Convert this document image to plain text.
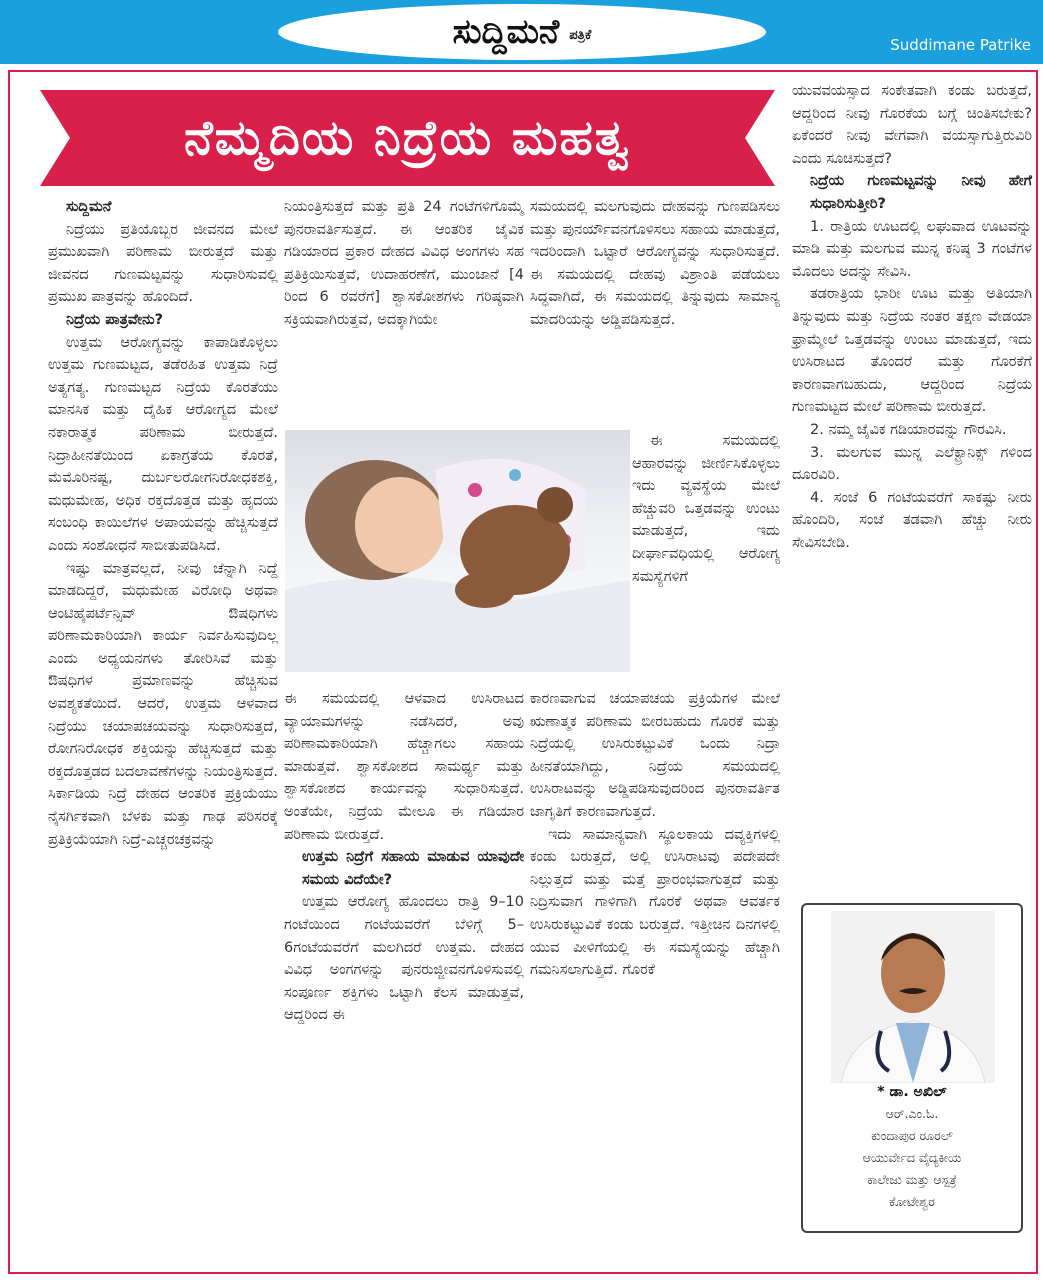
ಸುದ್ದಿಮನೆ ಪತ್ರಿಕೆ
Suddimane Patrike
ನೆಮ್ಮದಿಯ ನಿದ್ರೆಯ ಮಹತ್ವ
ಸುದ್ದಿಮನೆ

ನಿದ್ರೆಯು ಪ್ರತಿಯೊಬ್ಬರ ಜೀವನದ ಮೇಲೆ ಪ್ರಮುಖವಾಗಿ ಪರಿಣಾಮ ಬೀರುತ್ತದೆ ಮತ್ತು ಜೀವನದ ಗುಣಮಟ್ಟವನ್ನು ಸುಧಾರಿಸುವಲ್ಲಿ ಪ್ರಮುಖ ಪಾತ್ರವನ್ನು ಹೊಂದಿದೆ.

ನಿದ್ರೆಯ ಪಾತ್ರವೇನು?

ಉತ್ತಮ ಆರೋಗ್ಯವನ್ನು ಕಾಪಾಡಿಕೊಳ್ಳಲು ಉತ್ತಮ ಗುಣಮಟ್ಟದ, ತಡೆರಹಿತ ಉತ್ತಮ ನಿದ್ರೆ ಅತ್ಯಗತ್ಯ. ಗುಣಮಟ್ಟದ ನಿದ್ರೆಯ ಕೊರತೆಯು ಮಾನಸಿಕ ಮತ್ತು ದೈಹಿಕ ಆರೋಗ್ಯದ ಮೇಲೆ ನಕಾರಾತ್ಮಕ ಪರಿಣಾಮ ಬೀರುತ್ತದೆ. ನಿದ್ರಾಹೀನತೆಯಿಂದ ಏಕಾಗ್ರತೆಯ ಕೊರತೆ, ಮೆಮೊರಿನಷ್ಟ, ದುರ್ಬಲರೋಗನಿರೋಧಕಶಕ್ತಿ, ಮಧುಮೇಹ, ಅಧಿಕ ರಕ್ತದೊತ್ತಡ ಮತ್ತು ಹೃದಯ ಸಂಬಂಧಿ ಕಾಯಿಲೆಗಳ ಅಪಾಯವನ್ನು ಹೆಚ್ಚಿಸುತ್ತದೆ ಎಂದು ಸಂಶೋಧನೆ ಸಾಬೀತುಪಡಿಸಿದೆ.

ಇಷ್ಟು ಮಾತ್ರವಲ್ಲದೆ, ನೀವು ಚೆನ್ನಾಗಿ ನಿದ್ದೆ ಮಾಡದಿದ್ದರೆ, ಮಧುಮೇಹ ವಿರೋಧಿ ಅಥವಾ ಆಂಟಿಹೈಪರ್ಟೆನ್ಸಿವ್ ಔಷಧಿಗಳು ಪರಿಣಾಮಕಾರಿಯಾಗಿ ಕಾರ್ಯ ನಿರ್ವಹಿಸುವುದಿಲ್ಲ ಎಂದು ಅಧ್ಯಯನಗಳು ತೋರಿಸಿವೆ ಮತ್ತು ಔಷಧಿಗಳ ಪ್ರಮಾಣವನ್ನು ಹೆಚ್ಚಿಸುವ ಅವಶ್ಯಕತೆಯಿದೆ. ಆದರೆ, ಉತ್ತಮ ಆಳವಾದ ನಿದ್ರೆಯು ಚಯಾಪಚಯವನ್ನು ಸುಧಾರಿಸುತ್ತದೆ, ರೋಗನಿರೋಧಕ ಶಕ್ತಿಯನ್ನು ಹೆಚ್ಚಿಸುತ್ತದೆ ಮತ್ತು ರಕ್ತದೊತ್ತಡದ ಬದಲಾವಣೆಗಳನ್ನು ನಿಯಂತ್ರಿಸುತ್ತದೆ. ಸಿರ್ಕಾಡಿಯ ನಿದ್ರೆ ದೇಹದ ಆಂತರಿಕ ಪ್ರಕ್ರಿಯೆಯು ನೈಸರ್ಗಿಕವಾಗಿ ಬೆಳಕು ಮತ್ತು ಗಾಢ ಪರಿಸರಕ್ಕೆ ಪ್ರತಿಕ್ರಿಯೆಯಾಗಿ ನಿದ್ರೆ-ಎಚ್ಚರಚಕ್ರವನ್ನು

ನಿಯಂತ್ರಿಸುತ್ತದೆ ಮತ್ತು ಪ್ರತಿ 24 ಗಂಟೆಗಳಿಗೊಮ್ಮೆ ಪುನರಾವರ್ತಿಸುತ್ತದೆ. ಈ ಆಂತರಿಕ ಜೈವಿಕ ಗಡಿಯಾರದ ಪ್ರಕಾರ ದೇಹದ ವಿವಿಧ ಅಂಗಗಳು ಸಹ ಪ್ರತಿಕ್ರಿಯಿಸುತ್ತವೆ, ಉದಾಹರಣೆಗೆ, ಮುಂಜಾನೆ [4 ರಿಂದ 6 ರವರೆಗೆ] ಶ್ವಾಸಕೋಶಗಳು ಗರಿಷ್ಠವಾಗಿ ಸಕ್ರಿಯವಾಗಿರುತ್ತವೆ, ಅದಕ್ಕಾಗಿಯೇ

ಸಮಯದಲ್ಲಿ ಮಲಗುವುದು ದೇಹವನ್ನು ಗುಣಪಡಿಸಲು ಮತ್ತು ಪುನರ್ಯೌವನಗೊಳಿಸಲು ಸಹಾಯ ಮಾಡುತ್ತದೆ, ಇದರಿಂದಾಗಿ ಒಟ್ಟಾರೆ ಆರೋಗ್ಯವನ್ನು ಸುಧಾರಿಸುತ್ತದೆ. ಈ ಸಮಯದಲ್ಲಿ ದೇಹವು ವಿಶ್ರಾಂತಿ ಪಡೆಯಲು ಸಿದ್ಧವಾಗಿದೆ, ಈ ಸಮಯದಲ್ಲಿ ತಿನ್ನುವುದು ಸಾಮಾನ್ಯ ಮಾದರಿಯನ್ನು ಅಡ್ಡಿಪಡಿಸುತ್ತದೆ.

ಈ ಸಮಯದಲ್ಲಿ ಆಹಾರವನ್ನು ಜೀರ್ಣಿಸಿಕೊಳ್ಳಲು ಇದು ವ್ಯವಸ್ಥೆಯ ಮೇಲೆ ಹೆಚ್ಚುವರಿ ಒತ್ತಡವನ್ನು ಉಂಟು ಮಾಡುತ್ತದೆ, ಇದು ದೀರ್ಘಾವಧಿಯಲ್ಲಿ ಆರೋಗ್ಯ ಸಮಸ್ಯೆಗಳಿಗೆ

ಈ ಸಮಯದಲ್ಲಿ ಆಳವಾದ ಉಸಿರಾಟದ ವ್ಯಾಯಾಮಗಳನ್ನು ನಡೆಸಿದರೆ, ಅವು ಪರಿಣಾಮಕಾರಿಯಾಗಿ ಹೆಚ್ಚಾಗಲು ಸಹಾಯ ಮಾಡುತ್ತವೆ. ಶ್ವಾಸಕೋಶದ ಸಾಮರ್ಥ್ಯ ಮತ್ತು ಶ್ವಾಸಕೋಶದ ಕಾರ್ಯವನ್ನು ಸುಧಾರಿಸುತ್ತದೆ. ಅಂತೆಯೇ, ನಿದ್ರೆಯ ಮೇಲೂ ಈ ಗಡಿಯಾರ ಪರಿಣಾಮ ಬೀರುತ್ತದೆ.

ಉತ್ತಮ ನಿದ್ರೆಗೆ ಸಹಾಯ ಮಾಡುವ ಯಾವುದೇ ಸಮಯ ವಿದೆಯೇ?

ಉತ್ತಮ ಆರೋಗ್ಯ ಹೊಂದಲು ರಾತ್ರಿ 9–10 ಗಂಟೆಯಿಂದ ಗಂಟೆಯವರೆಗೆ ಬೆಳಿಗ್ಗೆ 5–6ಗಂಟೆಯವರೆಗೆ ಮಲಗಿದರೆ ಉತ್ತಮ. ದೇಹದ ವಿವಿಧ ಅಂಗಗಳನ್ನು ಪುನರುಜ್ಜೀವನಗೊಳಿಸುವಲ್ಲಿ ಸಂಪೂರ್ಣ ಶಕ್ತಿಗಳು ಒಟ್ಟಾಗಿ ಕೆಲಸ ಮಾಡುತ್ತವೆ, ಆದ್ದರಿಂದ ಈ

ಕಾರಣವಾಗುವ ಚಯಾಪಚಯ ಪ್ರಕ್ರಿಯೆಗಳ ಮೇಲೆ ಋಣಾತ್ಮಕ ಪರಿಣಾಮ ಬೀರಬಹುದು ಗೊರಕೆ ಮತ್ತು ನಿದ್ರೆಯಲ್ಲಿ ಉಸಿರುಕಟ್ಟುವಿಕೆ ಒಂದು ನಿದ್ರಾ ಹೀನತೆಯಾಗಿದ್ದು, ನಿದ್ರೆಯ ಸಮಯದಲ್ಲಿ ಉಸಿರಾಟವನ್ನು ಅಡ್ಡಿಪಡಿಸುವುದರಿಂದ ಪುನರಾವರ್ತಿತ ಜಾಗೃತಿಗೆ ಕಾರಣವಾಗುತ್ತದೆ.

ಇದು ಸಾಮಾನ್ಯವಾಗಿ ಸ್ಥೂಲಕಾಯ ದವ್ಯಕ್ತಿಗಳಲ್ಲಿ ಕಂಡು ಬರುತ್ತದೆ, ಅಲ್ಲಿ ಉಸಿರಾಟವು ಪದೇಪದೇ ನಿಲ್ಲುತ್ತದೆ ಮತ್ತು ಮತ್ತೆ ಪ್ರಾರಂಭವಾಗುತ್ತದೆ ಮತ್ತು ನಿದ್ರಿಸುವಾಗ ಗಾಳಿಗಾಗಿ ಗೊರಕೆ ಅಥವಾ ಆವರ್ತಕ ಉಸಿರುಕಟ್ಟುವಿಕೆ ಕಂಡು ಬರುತ್ತದೆ. ಇತ್ತೀಚಿನ ದಿನಗಳಲ್ಲಿ ಯುವ ಪೀಳಿಗೆಯಲ್ಲಿ ಈ ಸಮಸ್ಯೆಯನ್ನು ಹೆಚ್ಚಾಗಿ ಗಮನಿಸಲಾಗುತ್ತಿದೆ. ಗೊರಕೆ

ಯುವವಯಸ್ಸಾದ ಸಂಕೇತವಾಗಿ ಕಂಡು ಬರುತ್ತದೆ, ಆದ್ದರಿಂದ ನೀವು ಗೊರಕೆಯ ಬಗ್ಗೆ ಚಿಂತಿಸಬೇಕು? ಏಕೆಂದರೆ ನೀವು ವೇಗವಾಗಿ ವಯಸ್ಸಾಗುತ್ತಿರುವಿರಿ ಎಂದು ಸೂಚಿಸುತ್ತದೆ?

ನಿದ್ರೆಯ ಗುಣಮಟ್ಟವನ್ನು ನೀವು ಹೇಗೆ ಸುಧಾರಿಸುತ್ತೀರಿ?

1. ರಾತ್ರಿಯ ಊಟದಲ್ಲಿ ಲಘುವಾದ ಊಟವನ್ನು ಮಾಡಿ ಮತ್ತು ಮಲಗುವ ಮುನ್ನ ಕನಿಷ್ಠ 3 ಗಂಟೆಗಳ ಮೊದಲು ಅದನ್ನು ಸೇವಿಸಿ.

ತಡರಾತ್ರಿಯ ಭಾರೀ ಊಟ ಮತ್ತು ಅತಿಯಾಗಿ ತಿನ್ನುವುದು ಮತ್ತು ನಿದ್ರೆಯ ನಂತರ ತಕ್ಷಣ ವೇಡಯಾ ಫ್ರಾಮ್ಮೇಲೆ ಒತ್ತಡವನ್ನು ಉಂಟು ಮಾಡುತ್ತದೆ, ಇದು ಉಸಿರಾಟದ ತೊಂದರೆ ಮತ್ತು ಗೊರಕೆಗೆ ಕಾರಣವಾಗಬಹುದು, ಆದ್ದರಿಂದ ನಿದ್ರೆಯ ಗುಣಮಟ್ಟದ ಮೇಲೆ ಪರಿಣಾಮ ಬೀರುತ್ತದೆ.

2. ನಮ್ಮ ಜೈವಿಕ ಗಡಿಯಾರವನ್ನು ಗೌರವಿಸಿ.

3. ಮಲಗುವ ಮುನ್ನ ಎಲೆಕ್ಟ್ರಾನಿಕ್ಸ್ ಗಳಿಂದ ದೂರವಿರಿ.

4. ಸಂಜೆ 6 ಗಂಟೆಯವರೆಗೆ ಸಾಕಷ್ಟು ನೀರು ಹೊಂದಿರಿ, ಸಂಜೆ ತಡವಾಗಿ ಹೆಚ್ಚು ನೀರು ಸೇವಿಸಬೇಡಿ.

* ಡಾ. ಅಖಿಲ್
ಆರ್.ಎಂ.ಓ.
ಕುಂದಾಪುರ ರೂರಲ್
ಆಯುರ್ವೇದ ವೈದ್ಯಕೀಯ
ಕಾಲೇಜು ಮತ್ತು ಆಸ್ಪತ್ರೆ
ಕೋಟೇಶ್ವರ
